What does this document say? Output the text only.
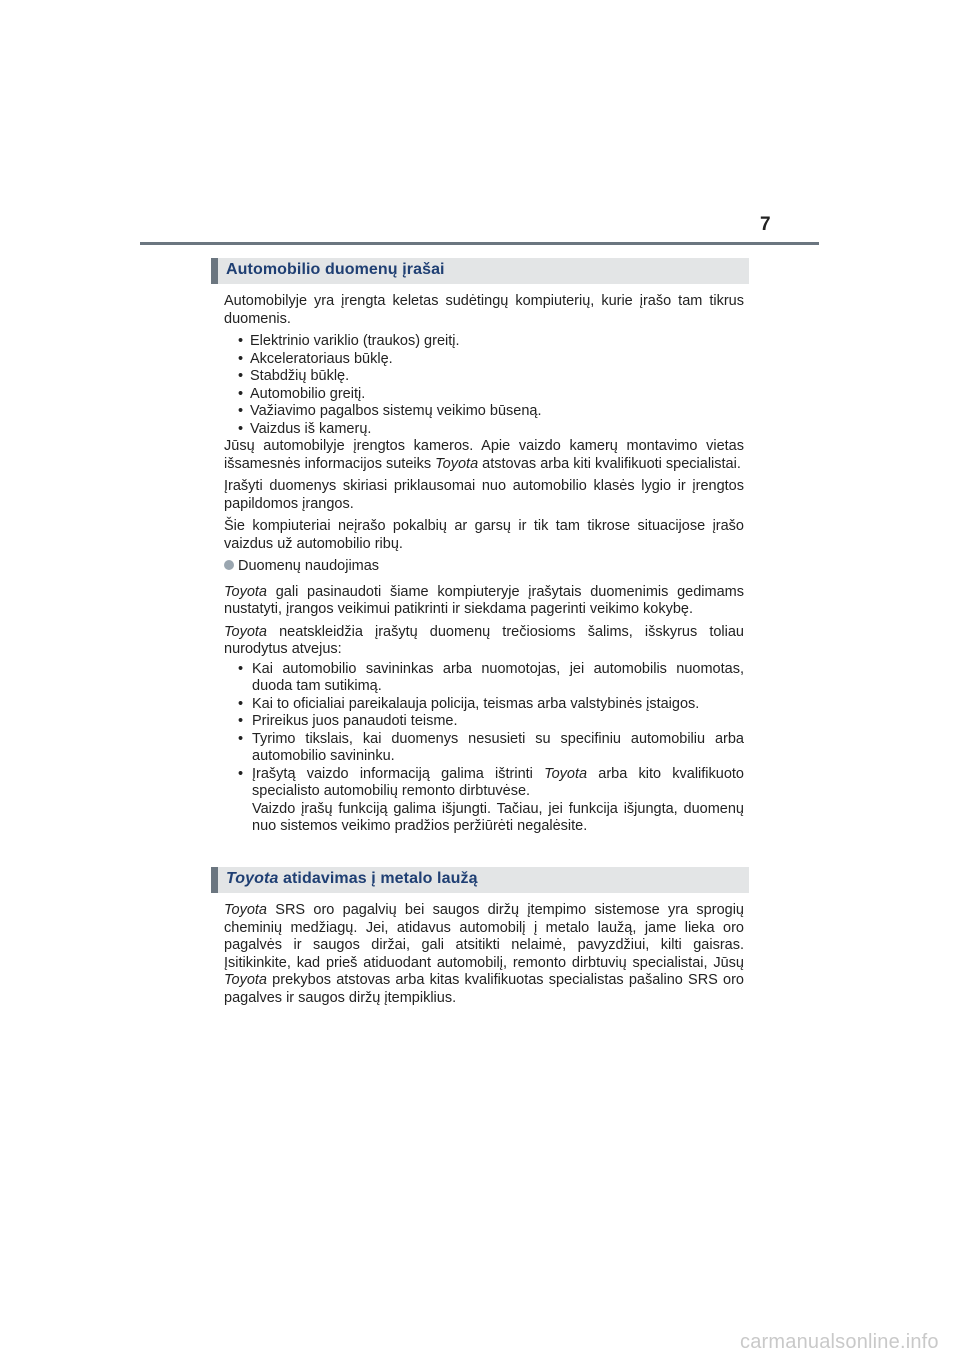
7
Automobilio duomenų įrašai

Automobilyje yra įrengta keletas sudėtingų kompiuterių, kurie įrašo tam tikrus duomenis.

• Elektrinio variklio (traukos) greitį.
• Akceleratoriaus būklę.
• Stabdžių būklę.
• Automobilio greitį.
• Važiavimo pagalbos sistemų veikimo būseną.
• Vaizdus iš kamerų.

Jūsų automobilyje įrengtos kameros. Apie vaizdo kamerų montavimo vietas išsamesnės informacijos suteiks Toyota atstovas arba kiti kvalifikuoti specialistai.

Įrašyti duomenys skiriasi priklausomai nuo automobilio klasės lygio ir įrengtos papildomos įrangos.

Šie kompiuteriai neįrašo pokalbių ar garsų ir tik tam tikrose situacijose įrašo vaizdus už automobilio ribų.

Duomenų naudojimas

Toyota gali pasinaudoti šiame kompiuteryje įrašytais duomenimis gedimams nustatyti, įrangos veikimui patikrinti ir siekdama pagerinti veikimo kokybę.

Toyota neatskleidžia įrašytų duomenų trečiosioms šalims, išskyrus toliau nurodytus atvejus:

• Kai automobilio savininkas arba nuomotojas, jei automobilis nuomotas, duoda tam sutikimą.
• Kai to oficialiai pareikalauja policija, teismas arba valstybinės įstaigos.
• Prireikus juos panaudoti teisme.
• Tyrimo tikslais, kai duomenys nesusieti su specifiniu automobiliu arba automobilio savininku.
• Įrašytą vaizdo informaciją galima ištrinti Toyota arba kito kvalifikuoto specialisto automobilių remonto dirbtuvėse.
Vaizdo įrašų funkciją galima išjungti. Tačiau, jei funkcija išjungta, duomenų nuo sistemos veikimo pradžios peržiūrėti negalėsite.
Toyota atidavimas į metalo laužą

Toyota SRS oro pagalvių bei saugos diržų įtempimo sistemose yra sprogių cheminių medžiagų. Jei, atidavus automobilį į metalo laužą, jame lieka oro pagalvės ir saugos diržai, gali atsitikti nelaimė, pavyzdžiui, kilti gaisras. Įsitikinkite, kad prieš atiduodant automobilį, remonto dirbtuvių specialistai, Jūsų Toyota prekybos atstovas arba kitas kvalifikuotas specialistas pašalino SRS oro pagalves ir saugos diržų įtempiklius.

carmanualsonline.info
